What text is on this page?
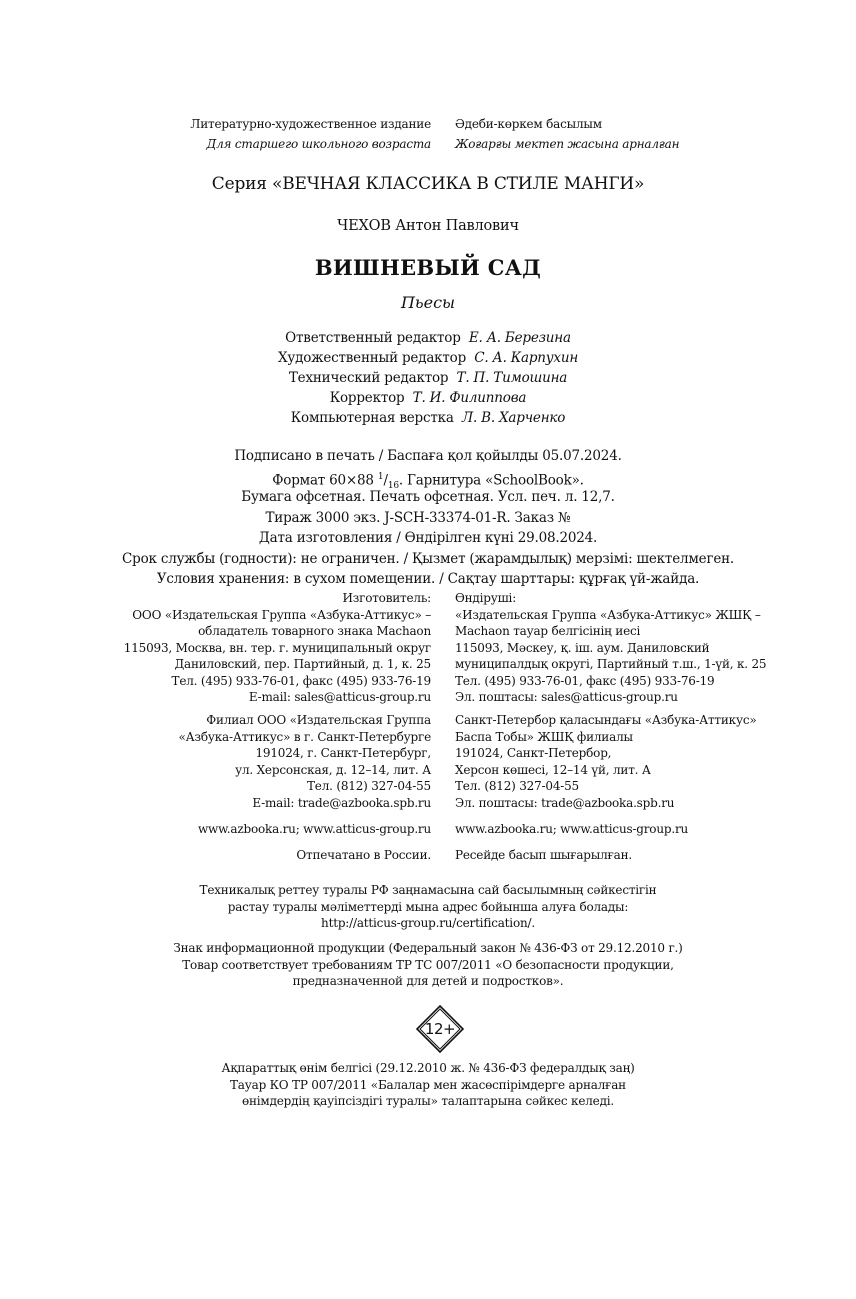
Литературно-художественное издание Әдеби-көркем басылым
Для старшего школьного возраста Жоғарғы мектеп жасына арналған
Серия «ВЕЧНАЯ КЛАССИКА В СТИЛЕ МАНГИ»
ЧЕХОВ Антон Павлович
ВИШНЕВЫЙ САД
Пьесы
Ответственный редактор Е. А. Березина
Художественный редактор С. А. Карпухин
Технический редактор Т. П. Тимошина
Корректор Т. И. Филиппова
Компьютерная верстка Л. В. Харченко
Подписано в печать / Баспаға қол қойылды 05.07.2024.
Формат 60×88 $^1/_{16}$. Гарнитура «SchoolBook».
Бумага офсетная. Печать офсетная. Усл. печ. л. 12,7.
Тираж 3000 экз. J-SCH-33374-01-R. Заказ №
Дата изготовления / Өндірілген күні 29.08.2024.
Срок службы (годности): не ограничен. / Қызмет (жарамдылық) мерзімі: шектелмеген.
Условия хранения: в сухом помещении. / Сақтау шарттары: құрғақ үй-жайда.
Изготовитель:
ООО «Издательская Группа «Азбука-Аттикус» –
обладатель товарного знака Machaon
115093, Москва, вн. тер. г. муниципальный округ
Даниловский, пер. Партийный, д. 1, к. 25
Тел. (495) 933-76-01, факс (495) 933-76-19
E-mail: sales@atticus-group.ru
Өндіруші:
«Издательская Группа «Азбука-Аттикус» ЖШҚ –
Machaon тауар белгісінің иесі
115093, Мәскеу, қ. іш. аум. Даниловский
муниципалдық округі, Партийный т.ш., 1-үй, к. 25
Тел. (495) 933-76-01, факс (495) 933-76-19
Эл. поштасы: sales@atticus-group.ru
Филиал ООО «Издательская Группа
«Азбука-Аттикус» в г. Санкт-Петербурге
191024, г. Санкт-Петербург,
ул. Херсонская, д. 12–14, лит. А
Тел. (812) 327-04-55
E-mail: trade@azbooka.spb.ru
Санкт-Петербор қаласындағы «Азбука-Аттикус»
Баспа Тобы» ЖШҚ филиалы
191024, Санкт-Петербор,
Херсон көшесі, 12–14 үй, лит. А
Тел. (812) 327-04-55
Эл. поштасы: trade@azbooka.spb.ru
www.azbooka.ru; www.atticus-group.ru www.azbooka.ru; www.atticus-group.ru
Отпечатано в России. Ресейде басып шығарылған.
Техникалық реттеу туралы РФ заңнамасына сай басылымның сәйкестігін
растау туралы мәліметтерді мына адрес бойынша алуға болады:
http://atticus-group.ru/certification/.
Знак информационной продукции (Федеральный закон № 436-ФЗ от 29.12.2010 г.)
Товар соответствует требованиям ТР ТС 007/2011 «О безопасности продукции,
предназначенной для детей и подростков».
12+
Ақпараттық өнім белгісі (29.12.2010 ж. № 436-ФЗ федералдық заң)
Тауар КО ТР 007/2011 «Балалар мен жасөспірімдерге арналған
өнімдердің қауіпсіздігі туралы» талаптарына сәйкес келеді.
